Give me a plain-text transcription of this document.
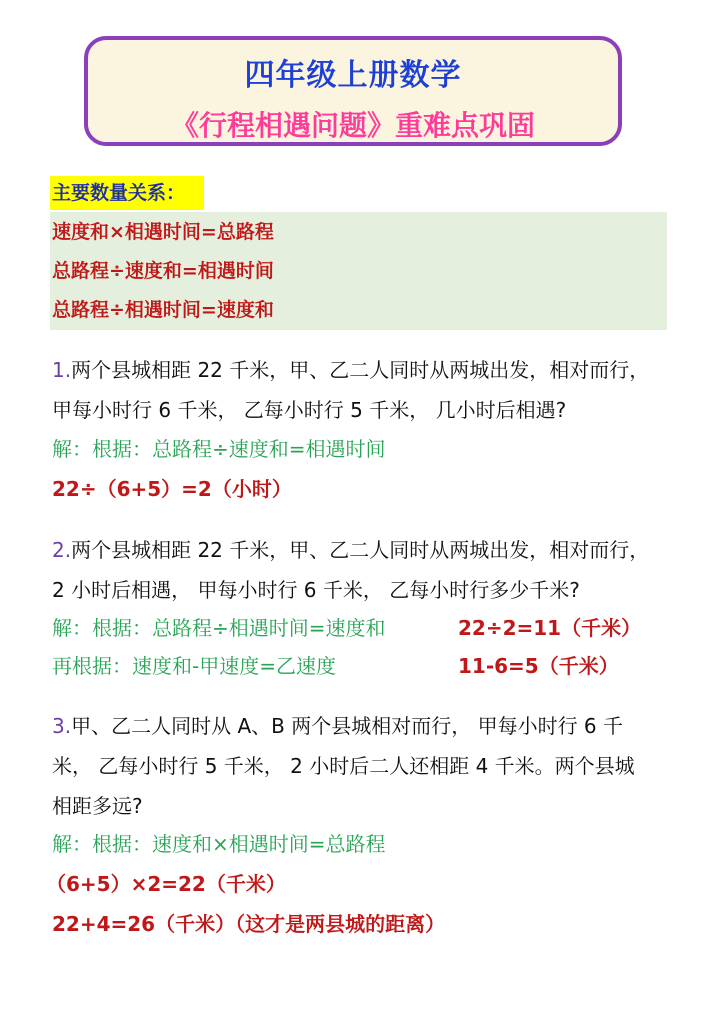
四年级上册数学
《行程相遇问题》重难点巩固
主要数量关系：
速度和×相遇时间=总路程
总路程÷速度和=相遇时间
总路程÷相遇时间=速度和
1.两个县城相距 22 千米，甲、乙二人同时从两城出发，相对而行，
甲每小时行 6 千米， 乙每小时行 5 千米， 几小时后相遇?
解：根据：总路程÷速度和=相遇时间
22÷（6+5）=2（小时）
2.两个县城相距 22 千米，甲、乙二人同时从两城出发，相对而行，
2 小时后相遇， 甲每小时行 6 千米， 乙每小时行多少千米?
解：根据：总路程÷相遇时间=速度和	22÷2=11（千米）
再根据：速度和-甲速度=乙速度	11-6=5（千米）
3.甲、乙二人同时从 A、B 两个县城相对而行， 甲每小时行 6 千
米， 乙每小时行 5 千米， 2 小时后二人还相距 4 千米。两个县城
相距多远?
解：根据：速度和×相遇时间=总路程
（6+5）×2=22（千米）
22+4=26（千米）（这才是两县城的距离）
